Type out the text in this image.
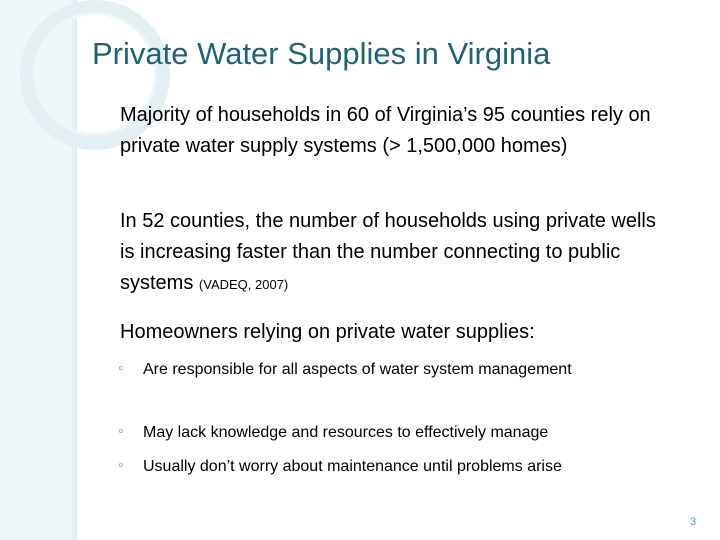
Private Water Supplies in Virginia
Majority of households in 60 of Virginia’s 95 counties rely on private water supply systems (> 1,500,000 homes)
In 52 counties, the number of households using private wells is increasing faster than the number connecting to public systems (VADEQ, 2007)
Homeowners relying on private water supplies:
◦	Are responsible for all aspects of water system management
◦	May lack knowledge and resources to effectively manage
◦	Usually don’t worry about maintenance until problems arise
3
